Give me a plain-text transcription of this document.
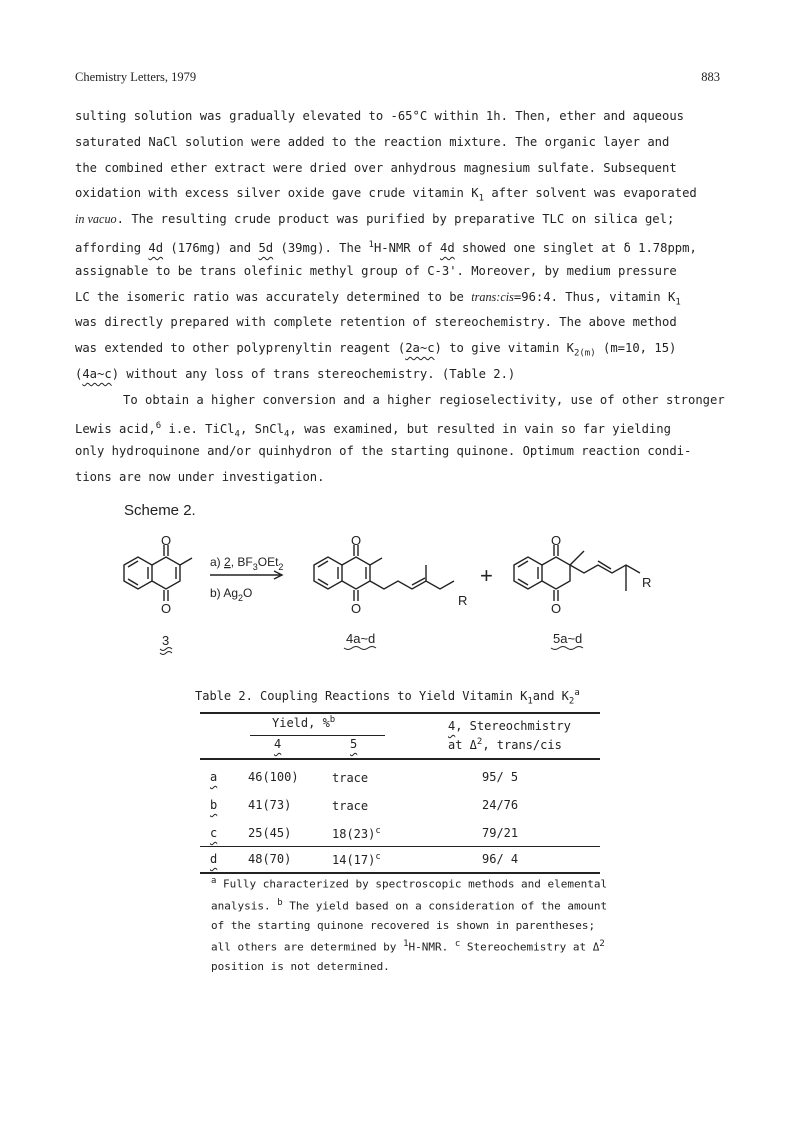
Chemistry Letters, 1979	883
sulting solution was gradually elevated to -65°C within 1h. Then, ether and aqueous
saturated NaCl solution were added to the reaction mixture. The organic layer and
the combined ether extract were dried over anhydrous magnesium sulfate. Subsequent
oxidation with excess silver oxide gave crude vitamin $K_1$ after solvent was evaporated
in vacuo. The resulting crude product was purified by preparative TLC on silica gel;
affording 4d (176mg) and 5d (39mg). The $^1$H-NMR of 4d showed one singlet at δ 1.78ppm,
assignable to be trans olefinic methyl group of C-3'. Moreover, by medium pressure
LC the isomeric ratio was accurately determined to be trans:cis=96:4. Thus, vitamin $K_1$
was directly prepared with complete retention of stereochemistry. The above method
was extended to other polyprenyltin reagent (2a~c) to give vitamin $K_{2(m)}$ (m=10, 15)
(4a~c) without any loss of trans stereochemistry. (Table 2.)
To obtain a higher conversion and a higher regioselectivity, use of other stronger
Lewis acid,$^6$ i.e. TiCl$_4$, SnCl$_4$, was examined, but resulted in vain so far yielding
only hydroquinone and/or quinhydron of the starting quinone. Optimum reaction condi-
tions are now under investigation.
Scheme 2.
a) 2, $BF_3OEt_2$
b) $Ag_2O$
O
O
O
O
O
O
R
R
+
3	4a~d	5a~d
Table 2. Coupling Reactions to Yield Vitamin $K_1and$ $K_2^a$
Yield, %$^b$
4	5
4, Stereochmistry
at $\Delta^2$, trans/cis
a	46(100)	trace	95/ 5
b	41(73)	trace	24/76
c	25(45)	$18(23)^c$	79/21
d	48(70)	$14(17)^c$	96/ 4
$^a$ Fully characterized by spectroscopic methods and elemental
analysis. $^b$ The yield based on a consideration of the amount
of the starting quinone recovered is shown in parentheses;
all others are determined by $^1$H-NMR. $^c$ Stereochemistry at $\Delta^2$
position is not determined.
